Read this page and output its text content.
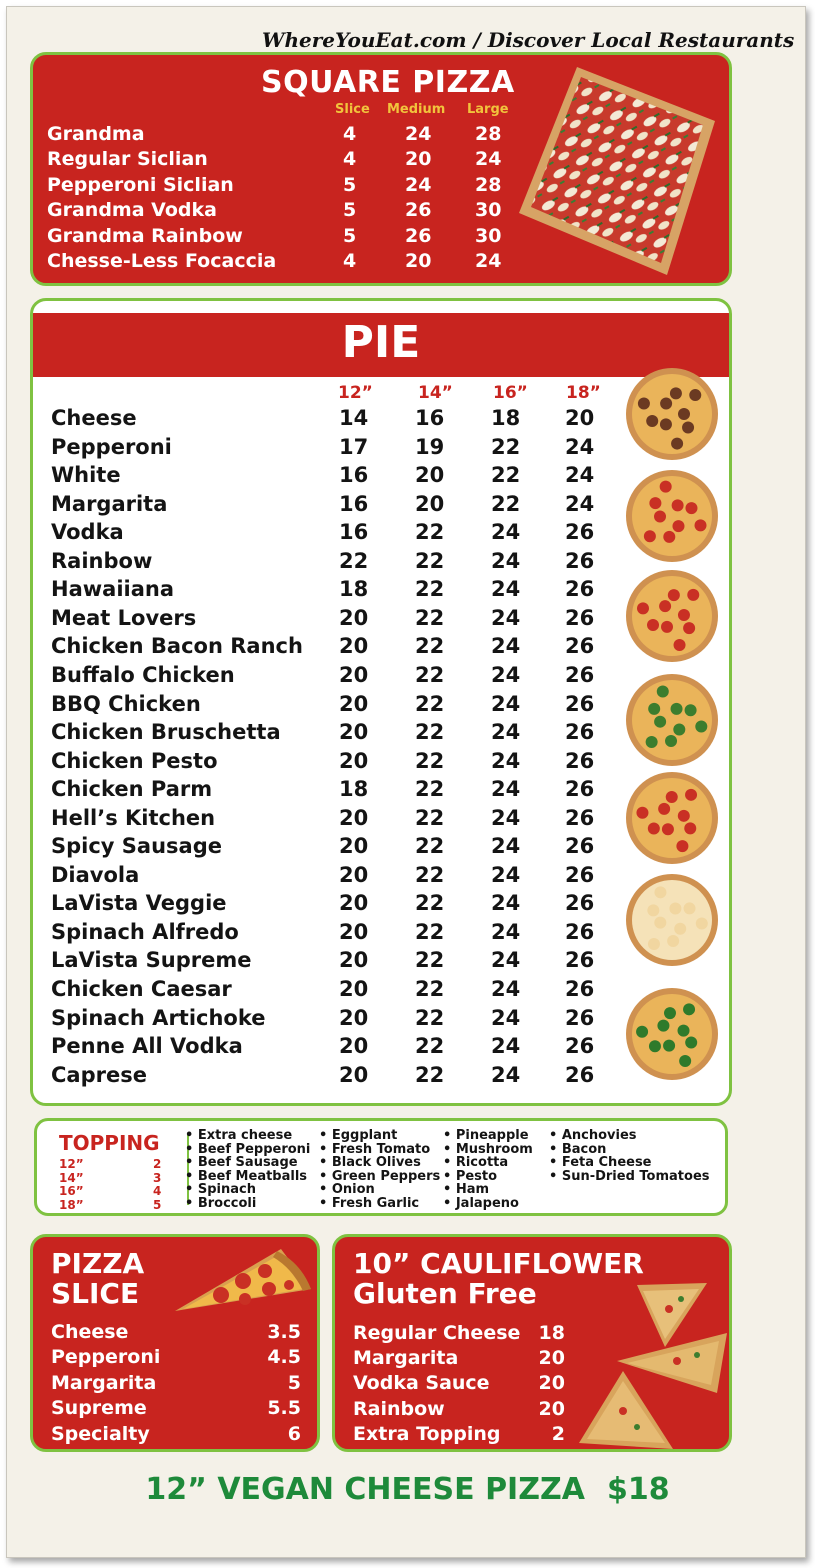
WhereYouEat.com / Discover Local Restaurants
SQUARE PIZZA
Slice Medium Large
Grandma	4	24 28
Regular Siclian	4	20 24
Pepperoni Siclian	5	24 28
Grandma Vodka	5	26 30
Grandma Rainbow	5	26 30
Chesse-Less Focaccia	4	20 24
PIE
12”	14” 16” 18”
Cheese	14 16 18 20
Pepperoni	17 19 22 24
White	16 20 22 24
Margarita	16 20 22 24
Vodka	16 22 24 26
Rainbow	22 22 24 26
Hawaiiana	18 22 24 26
Meat Lovers	20 22 24 26
Chicken Bacon Ranch 20 22 24 26
Buffalo Chicken	20 22 24 26
BBQ Chicken	20 22 24 26
Chicken Bruschetta	20 22 24 26
Chicken Pesto	20 22 24 26
Chicken Parm	18 22 24 26
Hell’s Kitchen	20 22 24 26
Spicy Sausage	20 22 24 26
Diavola	20 22 24 26
LaVista Veggie	20 22 24 26
Spinach Alfredo	20 22 24 26
LaVista Supreme	20 22 24 26
Chicken Caesar	20 22 24 26
Spinach Artichoke	20 22 24 26
Penne All Vodka	20 22 24 26
Caprese	20 22 24 26
TOPPING
12”	2
14”	3
16”	4
18”	5
• Extra cheese
• Beef Pepperoni
• Beef Sausage
• Beef Meatballs
• Spinach
• Broccoli
• Eggplant
• Fresh Tomato
• Black Olives
• Green Peppers
• Onion
• Fresh Garlic
• Pineapple
• Mushroom
• Ricotta
• Pesto
• Ham
• Jalapeno
• Anchovies
• Bacon
• Feta Cheese
• Sun-Dried Tomatoes
PIZZA
SLICE
Cheese	3.5
Pepperoni	4.5
Margarita	5
Supreme	5.5
Specialty	6
10” CAULIFLOWER
Gluten Free
Regular Cheese 18
Margarita	20
Vodka Sauce	20
Rainbow	20
Extra Topping	2
12” VEGAN CHEESE PIZZA $18
